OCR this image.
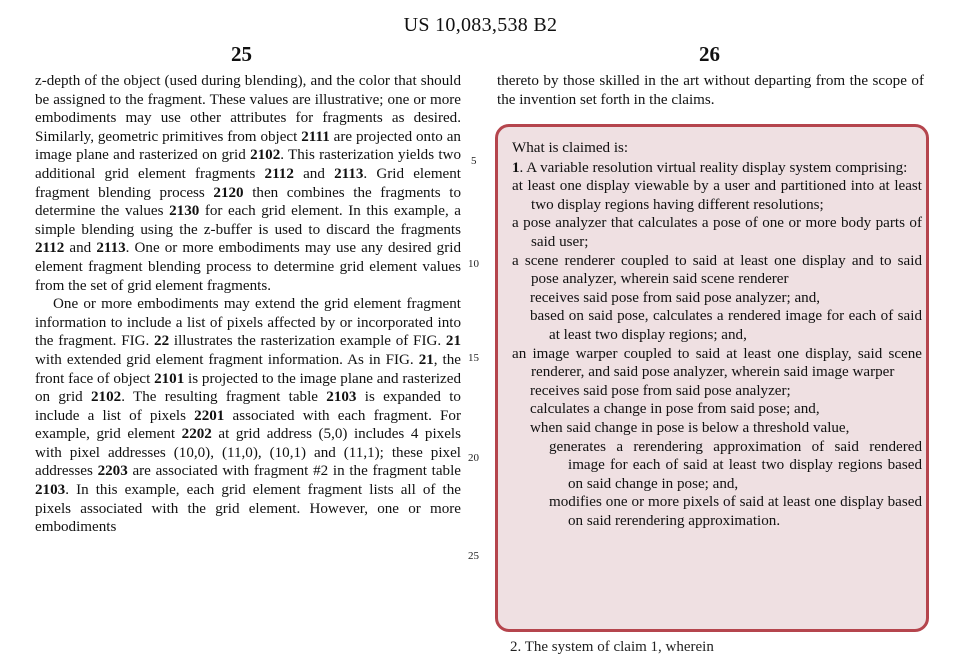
US 10,083,538 B2
25	26

z-depth of the object (used during blending), and the color that should be assigned to the fragment. These values are illustrative; one or more embodiments may use other attributes for fragments as desired. Similarly, geometric primitives from object 2111 are projected onto an image plane and rasterized on grid 2102. This rasterization yields two additional grid element fragments 2112 and 2113. Grid element fragment blending process 2120 then combines the fragments to determine the values 2130 for each grid element. In this example, a simple blending using the z-buffer is used to discard the fragments 2112 and 2113. One or more embodiments may use any desired grid element fragment blending process to determine grid element values from the set of grid element fragments.

One or more embodiments may extend the grid element fragment information to include a list of pixels affected by or incorporated into the fragment. FIG. 22 illustrates the rasterization example of FIG. 21 with extended grid element fragment information. As in FIG. 21, the front face of object 2101 is projected to the image plane and rasterized on grid 2102. The resulting fragment table 2103 is expanded to include a list of pixels 2201 associated with each fragment. For example, grid element 2202 at grid address (5,0) includes 4 pixels with pixel addresses (10,0), (11,0), (10,1) and (11,1); these pixel addresses 2203 are associated with fragment #2 in the fragment table 2103. In this example, each grid element fragment lists all of the pixels associated with the grid element. However, one or more embodiments

5
10
15
20
25
thereto by those skilled in the art without departing from the scope of the invention set forth in the claims.

What is claimed is:

1. A variable resolution virtual reality display system comprising:

at least one display viewable by a user and partitioned into at least two display regions having different resolutions;

a pose analyzer that calculates a pose of one or more body parts of said user;

a scene renderer coupled to said at least one display and to said pose analyzer, wherein said scene renderer

receives said pose from said pose analyzer; and,

based on said pose, calculates a rendered image for each of said at least two display regions; and,

an image warper coupled to said at least one display, said scene renderer, and said pose analyzer, wherein said image warper

receives said pose from said pose analyzer;

calculates a change in pose from said pose; and,

when said change in pose is below a threshold value,

generates a rerendering approximation of said rendered image for each of said at least two display regions based on said change in pose; and,

modifies one or more pixels of said at least one display based on said rerendering approximation.

2. The system of claim 1, wherein
